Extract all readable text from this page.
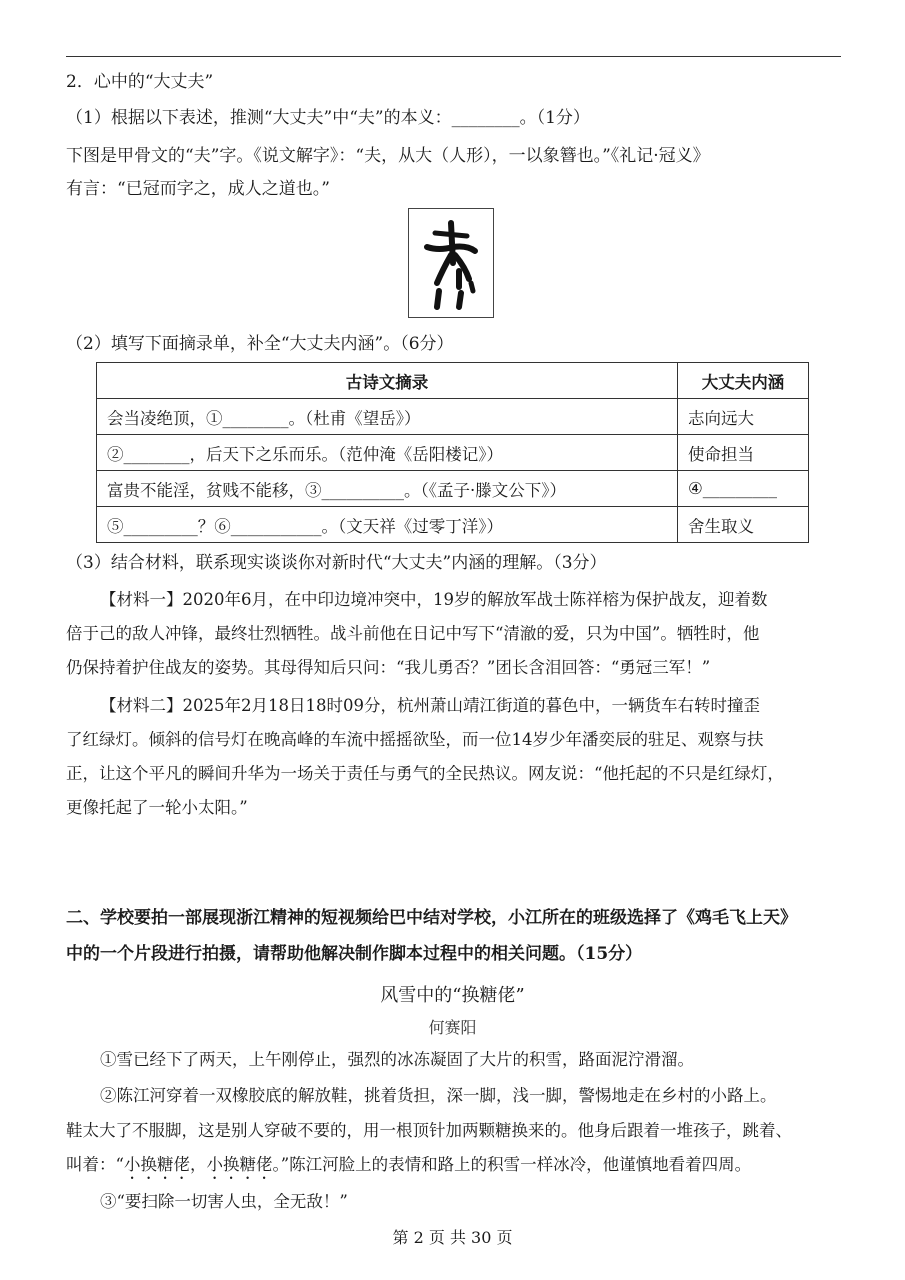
2．心中的“大丈夫”
（1）根据以下表述，推测“大丈夫”中“夫”的本义：________。（1分）
下图是甲骨文的“夫”字。《说文解字》：“夫，从大（人形），一以象簪也。”《礼记·冠义》
有言：“已冠而字之，成人之道也。”
（2）填写下面摘录单，补全“大丈夫内涵”。（6分）
古诗文摘录	大丈夫内涵
会当凌绝顶，①________。（杜甫《望岳》）	志向远大
②________，后天下之乐而乐。（范仲淹《岳阳楼记》）	使命担当
富贵不能淫，贫贱不能移，③__________。（《孟子·滕文公下》）	④_________
⑤_________？⑥___________。（文天祥《过零丁洋》）	舍生取义
（3）结合材料，联系现实谈谈你对新时代“大丈夫”内涵的理解。（3分）
【材料一】2020年6月，在中印边境冲突中，19岁的解放军战士陈祥榕为保护战友，迎着数
倍于己的敌人冲锋，最终壮烈牺牲。战斗前他在日记中写下“清澈的爱，只为中国”。牺牲时，他
仍保持着护住战友的姿势。其母得知后只问：“我儿勇否？”团长含泪回答：“勇冠三军！”
【材料二】2025年2月18日18时09分，杭州萧山靖江街道的暮色中，一辆货车右转时撞歪
了红绿灯。倾斜的信号灯在晚高峰的车流中摇摇欲坠，而一位14岁少年潘奕辰的驻足、观察与扶
正，让这个平凡的瞬间升华为一场关于责任与勇气的全民热议。网友说：“他托起的不只是红绿灯，
更像托起了一轮小太阳。”
二、学校要拍一部展现浙江精神的短视频给巴中结对学校，小江所在的班级选择了《鸡毛飞上天》
中的一个片段进行拍摄，请帮助他解决制作脚本过程中的相关问题。（15分）
风雪中的“换糖佬”
何赛阳
①雪已经下了两天，上午刚停止，强烈的冰冻凝固了大片的积雪，路面泥泞滑溜。
②陈江河穿着一双橡胶底的解放鞋，挑着货担，深一脚，浅一脚，警惕地走在乡村的小路上。
鞋太大了不服脚，这是别人穿破不要的，用一根顶针加两颗糖换来的。他身后跟着一堆孩子，跳着、
叫着：“小换糖佬，小换糖佬。”陈江河脸上的表情和路上的积雪一样冰冷，他谨慎地看着四周。
③“要扫除一切害人虫，全无敌！”
第 2 页 共 30 页
